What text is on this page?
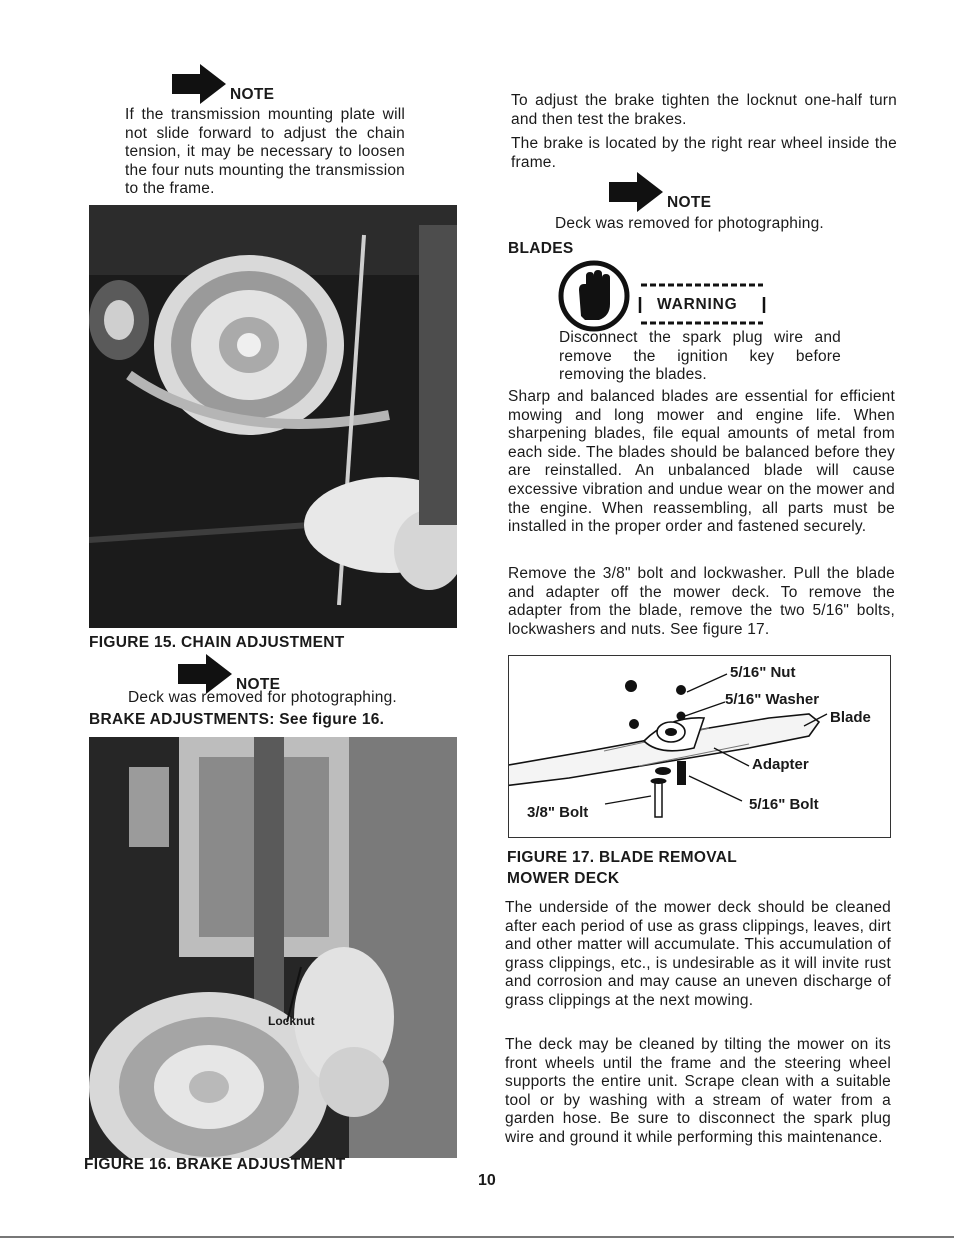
NOTE

If the transmission mounting plate will not slide forward to adjust the chain tension, it may be necessary to loosen the four nuts mounting the transmission to the frame.

FIGURE 15. CHAIN ADJUSTMENT
NOTE
Deck was removed for photographing.
BRAKE ADJUSTMENTS: See figure 16.
Locknut
FIGURE 16. BRAKE ADJUSTMENT

To adjust the brake tighten the locknut one-half turn and then test the brakes.

The brake is located by the right rear wheel inside the frame.

NOTE
Deck was removed for photographing.
BLADES
WARNING

Disconnect the spark plug wire and remove the ignition key before removing the blades.

Sharp and balanced blades are essential for efficient mowing and long mower and engine life. When sharpening blades, file equal amounts of metal from each side. The blades should be balanced before they are reinstalled. An unbalanced blade will cause excessive vibration and undue wear on the mower and the engine. When reassembling, all parts must be installed in the proper order and fastened securely.

Remove the 3/8" bolt and lockwasher. Pull the blade and adapter off the mower deck. To remove the adapter from the blade, remove the two 5/16" bolts, lockwashers and nuts. See figure 17.

5/16" Nut
5/16" Washer
Blade
Adapter
5/16" Bolt
3/8" Bolt
FIGURE 17. BLADE REMOVAL
MOWER DECK

The underside of the mower deck should be cleaned after each period of use as grass clippings, leaves, dirt and other matter will accumulate. This accumulation of grass clippings, etc., is undesirable as it will invite rust and corrosion and may cause an uneven discharge of grass clippings at the next mowing.

The deck may be cleaned by tilting the mower on its front wheels until the frame and the steering wheel supports the entire unit. Scrape clean with a suitable tool or by washing with a stream of water from a garden hose. Be sure to disconnect the spark plug wire and ground it while performing this maintenance.

10
